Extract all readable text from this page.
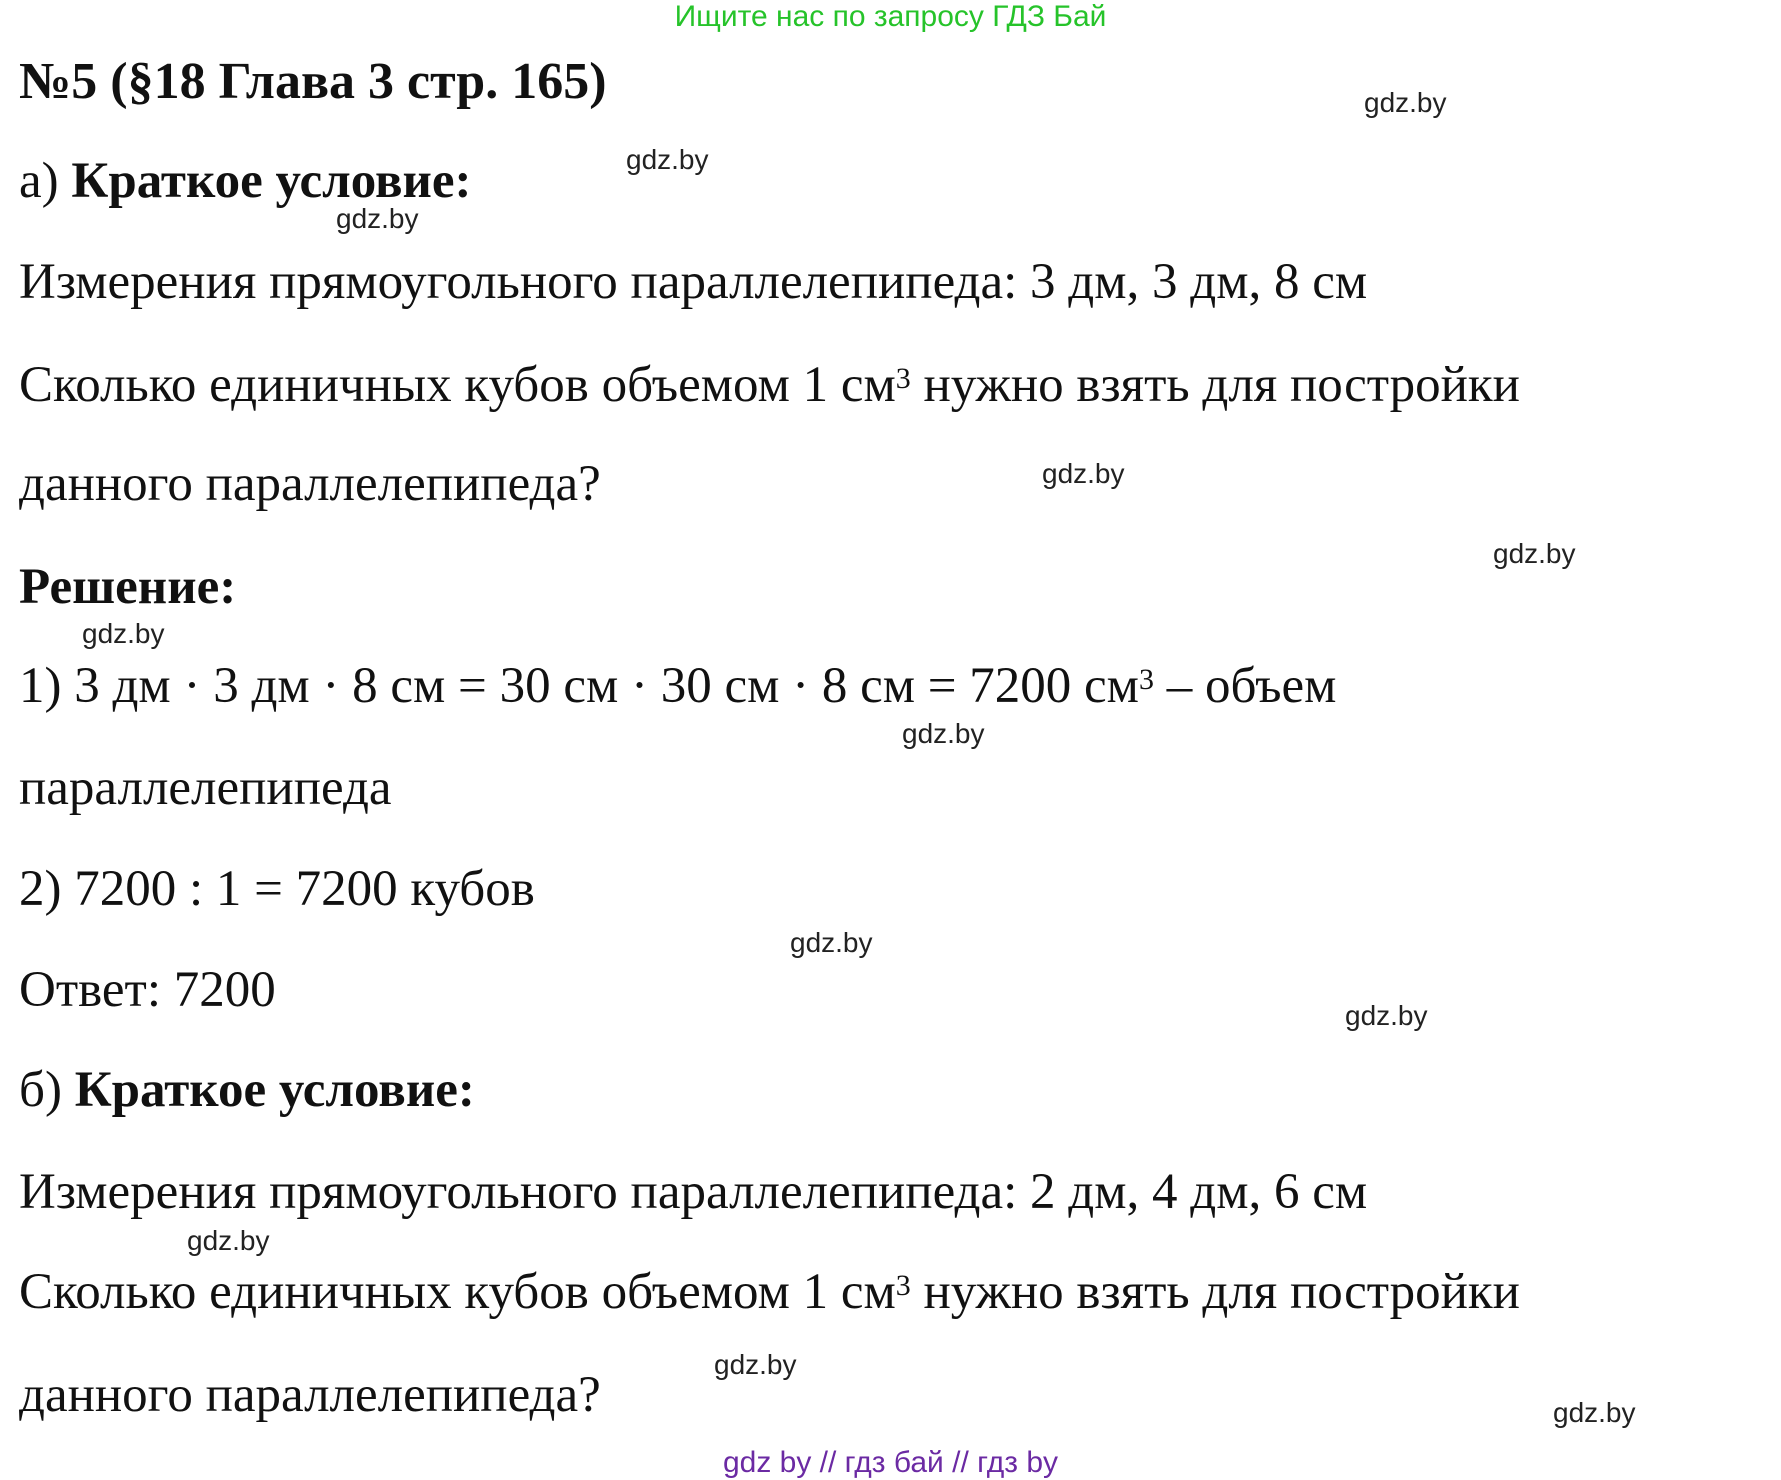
Ищите нас по запросу ГДЗ Бай
№5 (§18 Глава 3 стр. 165)
а) Краткое условие:
Измерения прямоугольного параллелепипеда: 3 дм, 3 дм, 8 см
Сколько единичных кубов объемом 1 $см^3$ нужно взять для постройки
данного параллелепипеда?
Решение:
1) 3 дм · 3 дм · 8 см = 30 см · 30 см · 8 см = 7200 $см^3$ – объем
параллелепипеда
2) 7200 : 1 = 7200 кубов
Ответ: 7200
б) Краткое условие:
Измерения прямоугольного параллелепипеда: 2 дм, 4 дм, 6 см
Сколько единичных кубов объемом 1 $см^3$ нужно взять для постройки
данного параллелепипеда?
gdz.by
gdz.by
gdz.by
gdz.by
gdz.by
gdz.by
gdz.by
gdz.by
gdz.by
gdz.by
gdz.by
gdz.by
gdz by // гдз бай // гдз by
